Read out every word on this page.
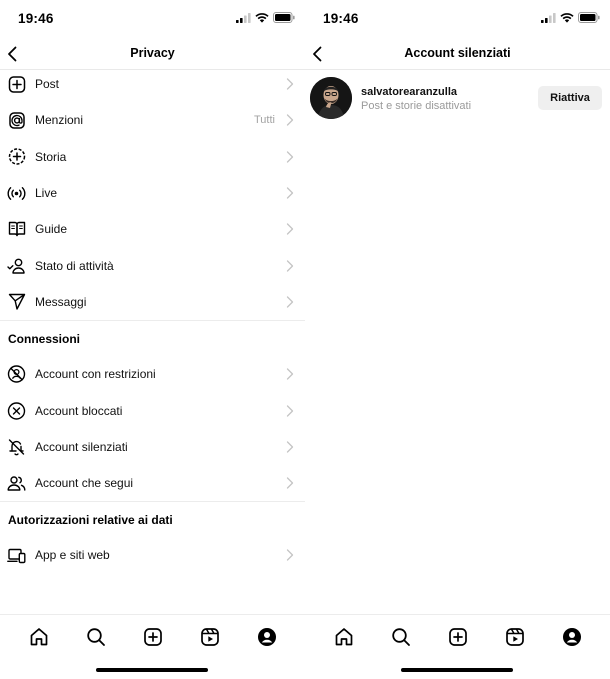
19:46
Privacy
Post
Menzioni	Tutti
Storia
Live
Guide
Stato di attività
Messaggi
Connessioni
Account con restrizioni
Account bloccati
Account silenziati
Account che segui
Autorizzazioni relative ai dati
App e siti web
19:46
Account silenziati
salvatorearanzulla
Post e storie disattivati
Riattiva
